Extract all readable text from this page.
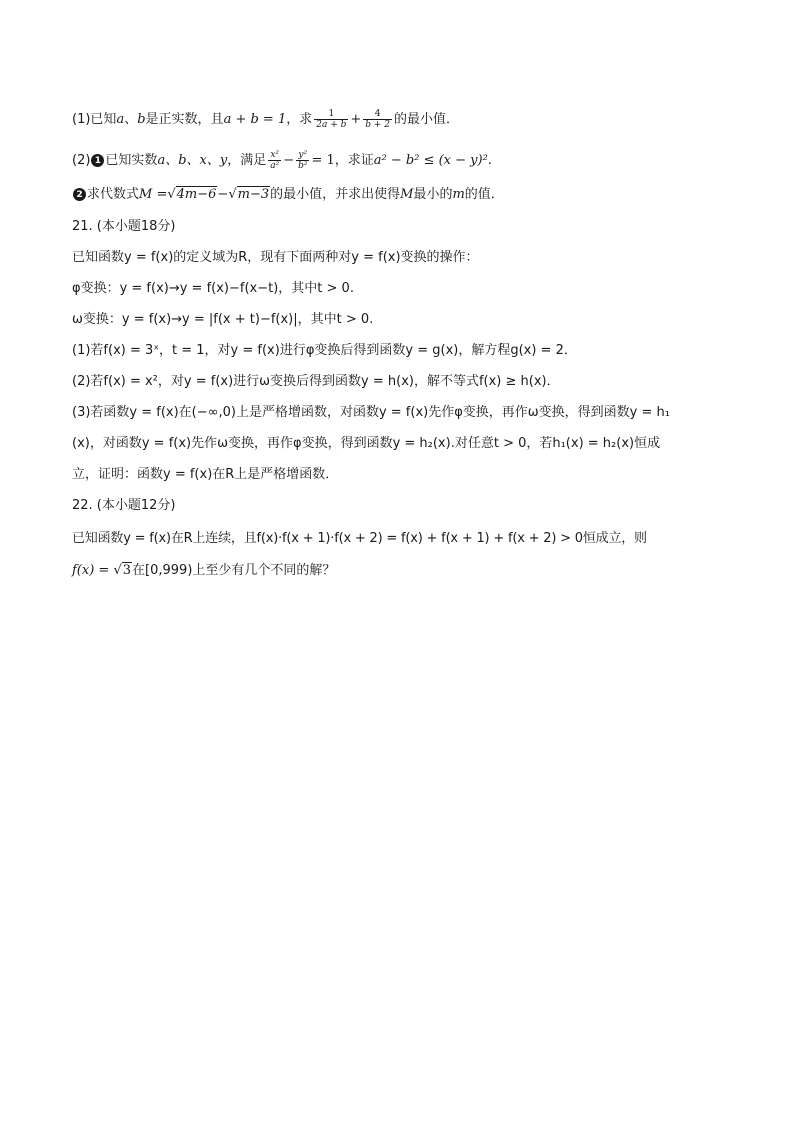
(1)已知a、b是正实数，且a + b = 1，求 $\frac{1}{2a + b} + \frac{4}{b + 2}$ 的最小值．
(2) 1 已知实数a、b、x、y，满足 $\frac{\text{x²}}{\text{a²}} - \frac{\text{y²}}{\text{b²}} = 1$，求证a² − b² ≤ (x − y)².
2 求代数式M =√4m−6−√m−3的最小值，并求出使得M最小的m的值．
21. (本小题18分)
已知函数y = f(x)的定义域为R，现有下面两种对y = f(x)变换的操作：
φ变换：y = f(x)→y = f(x)−f(x−t)，其中t > 0.
ω变换：y = f(x)→y = |f(x + t)−f(x)|，其中t > 0.
(1)若f(x) = 3ˣ，t = 1，对y = f(x)进行φ变换后得到函数y = g(x)，解方程g(x) = 2．
(2)若f(x) = x²，对y = f(x)进行ω变换后得到函数y = h(x)，解不等式f(x) ≥ h(x)．
(3)若函数y = f(x)在(−∞,0)上是严格增函数，对函数y = f(x)先作φ变换，再作ω变换，得到函数y = h₁
(x)，对函数y = f(x)先作ω变换，再作φ变换，得到函数y = h₂(x).对任意t > 0，若h₁(x) = h₂(x)恒成
立，证明：函数y = f(x)在R上是严格增函数．
22. (本小题12分)
已知函数y = f(x)在R上连续，且f(x)·f(x + 1)·f(x + 2) = f(x) + f(x + 1) + f(x + 2) > 0恒成立，则
f(x) = √3在[0,999)上至少有几个不同的解？
